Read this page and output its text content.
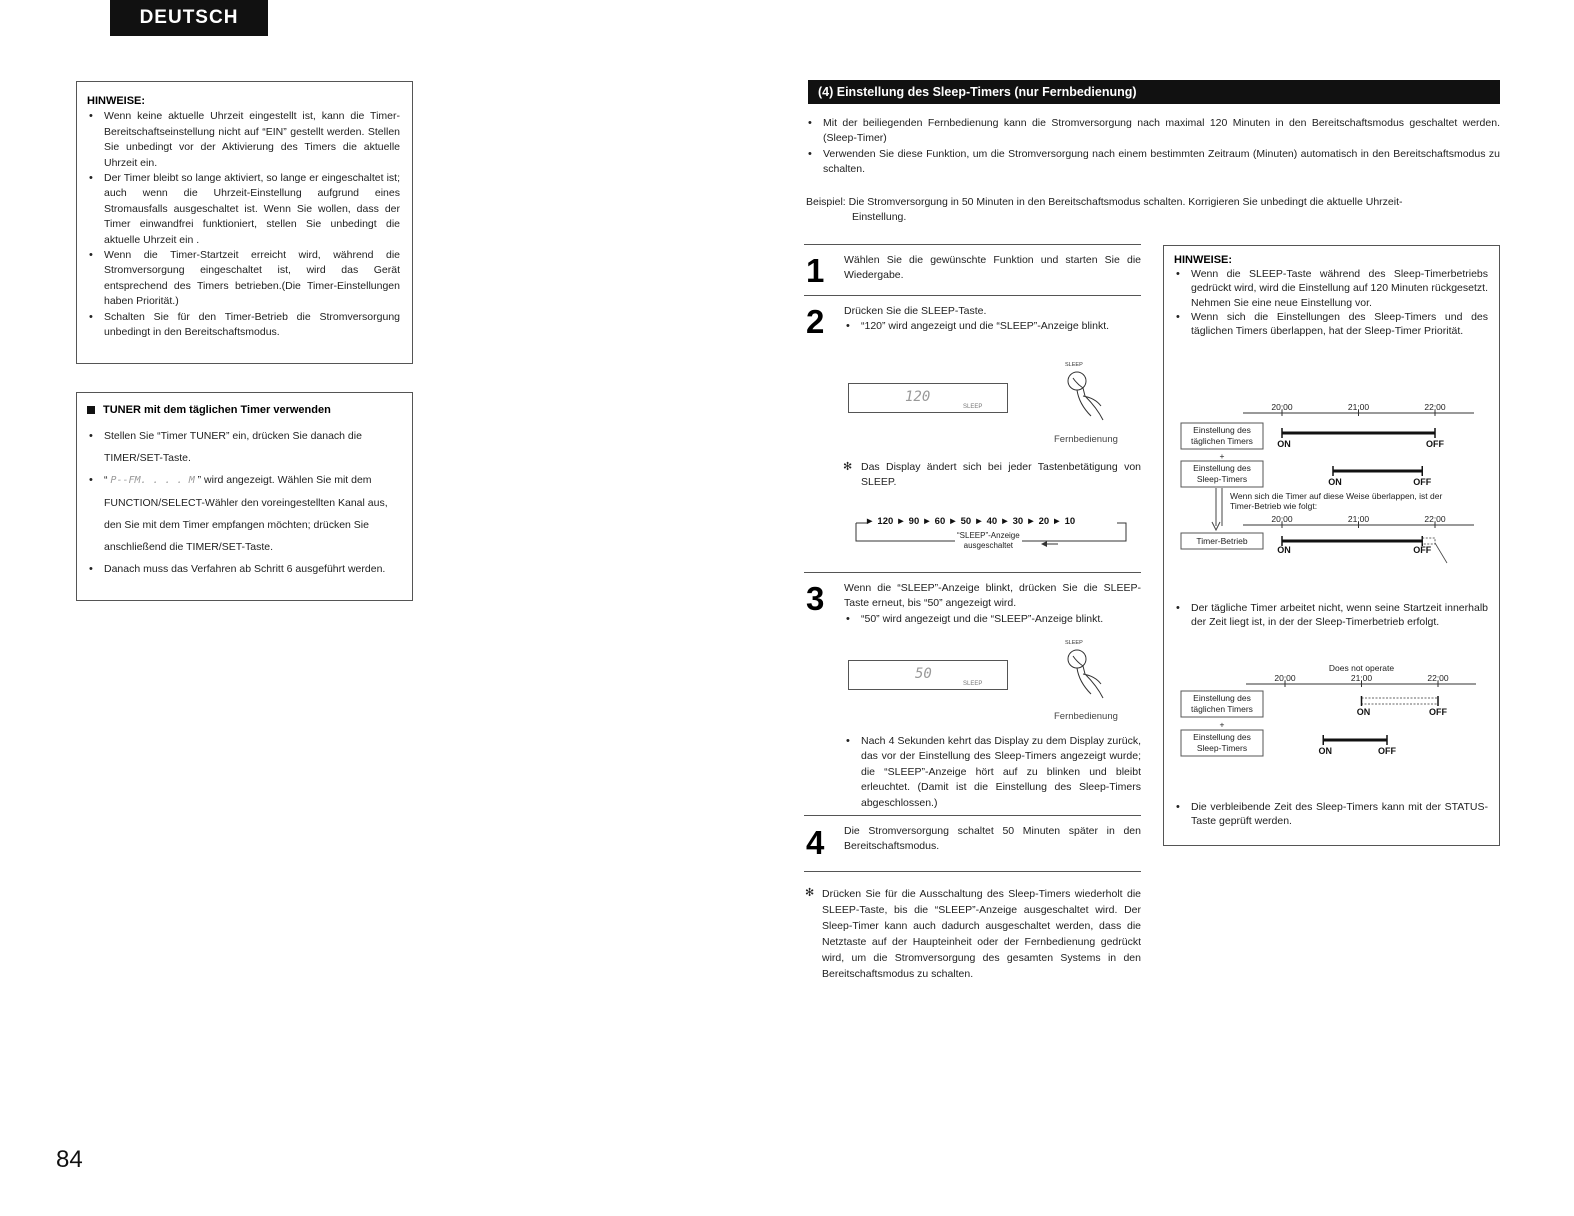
DEUTSCH
HINWEISE:
• Wenn keine aktuelle Uhrzeit eingestellt ist, kann die Timer-Bereitschaftseinstellung nicht auf “EIN” gestellt werden. Stellen Sie unbedingt vor der Aktivierung des Timers die aktuelle Uhrzeit ein.
• Der Timer bleibt so lange aktiviert, so lange er eingeschaltet ist; auch wenn die Uhrzeit-Einstellung aufgrund eines Stromausfalls ausgeschaltet ist. Wenn Sie wollen, dass der Timer einwandfrei funktioniert, stellen Sie unbedingt die aktuelle Uhrzeit ein .
• Wenn die Timer-Startzeit erreicht wird, während die Stromversorgung eingeschaltet ist, wird das Gerät entsprechend des Timers betrieben.(Die Timer-Einstellungen haben Priorität.)
• Schalten Sie für den Timer-Betrieb die Stromversorgung unbedingt in den Bereitschaftsmodus.
TUNER mit dem täglichen Timer verwenden
• Stellen Sie “Timer TUNER” ein, drücken Sie danach die TIMER/SET-Taste.
• “ P-‑FM. . . . M ” wird angezeigt. Wählen Sie mit dem FUNCTION/SELECT-Wähler den voreingestellten Kanal aus, den Sie mit dem Timer empfangen möchten; drücken Sie anschließend die TIMER/SET-Taste.
• Danach muss das Verfahren ab Schritt 6 ausgeführt werden.
(4) Einstellung des Sleep-Timers (nur Fernbedienung)
• Mit der beiliegenden Fernbedienung kann die Stromversorgung nach maximal 120 Minuten in den Bereitschaftsmodus geschaltet werden. (Sleep-Timer)
• Verwenden Sie diese Funktion, um die Stromversorgung nach einem bestimmten Zeitraum (Minuten) automatisch in den Bereitschaftsmodus zu schalten.
Beispiel: Die Stromversorgung in 50 Minuten in den Bereitschaftsmodus schalten. Korrigieren Sie unbedingt die aktuelle Uhrzeit-
Einstellung.
1 Wählen Sie die gewünschte Funktion und starten Sie die Wiedergabe.
2 Drücken Sie die SLEEP-Taste.
• “120” wird angezeigt und die “SLEEP”-Anzeige blinkt.
120
SLEEP
SLEEP
Fernbedienung
✻ Das Display ändert sich bei jeder Tastenbetätigung von SLEEP.
► 120 ► 90 ► 60 ► 50 ► 40 ► 30 ► 20 ► 10
“SLEEP”-Anzeige
ausgeschaltet
3 Wenn die “SLEEP”-Anzeige blinkt, drücken Sie die SLEEP-Taste erneut, bis “50” angezeigt wird.
• “50” wird angezeigt und die “SLEEP”-Anzeige blinkt.
50
SLEEP
SLEEP
Fernbedienung
• Nach 4 Sekunden kehrt das Display zu dem Display zurück, das vor der Einstellung des Sleep-Timers angezeigt wurde; die “SLEEP”-Anzeige hört auf zu blinken und bleibt erleuchtet. (Damit ist die Einstellung des Sleep-Timers abgeschlossen.)
4 Die Stromversorgung schaltet 50 Minuten später in den Bereitschaftsmodus.
✻ Drücken Sie für die Ausschaltung des Sleep-Timers wiederholt die SLEEP-Taste, bis die “SLEEP”-Anzeige ausgeschaltet wird. Der Sleep-Timer kann auch dadurch ausgeschaltet werden, dass die Netztaste auf der Haupteinheit oder der Fernbedienung gedrückt wird, um die Stromversorgung des gesamten Systems in den Bereitschaftsmodus zu schalten.
HINWEISE:
• Wenn die SLEEP-Taste während des Sleep-Timerbetriebs gedrückt wird, wird die Einstellung auf 120 Minuten rückgesetzt. Nehmen Sie eine neue Einstellung vor.
• Wenn sich die Einstellungen des Sleep-Timers und des täglichen Timers überlappen, hat der Sleep-Timer Priorität.
20:00	21:00	22:00
Einstellung des
täglichen Timers	ON	OFF
Einstellung des
Sleep-Timers	ON	OFF
+
Wenn sich die Timer auf diese Weise überlappen, ist der
Timer-Betrieb wie folgt:
20:00	21:00	22:00
Timer-Betrieb
ON	OFF
• Der tägliche Timer arbeitet nicht, wenn seine Startzeit innerhalb der Zeit liegt ist, in der der Sleep-Timerbetrieb erfolgt.
Does not operate
20:00	21:00	22:00
Einstellung des
täglichen Timers	ON	OFF
Einstellung des
Sleep-Timers	ON	OFF
+
• Die verbleibende Zeit des Sleep-Timers kann mit der STATUS-Taste geprüft werden.
84
